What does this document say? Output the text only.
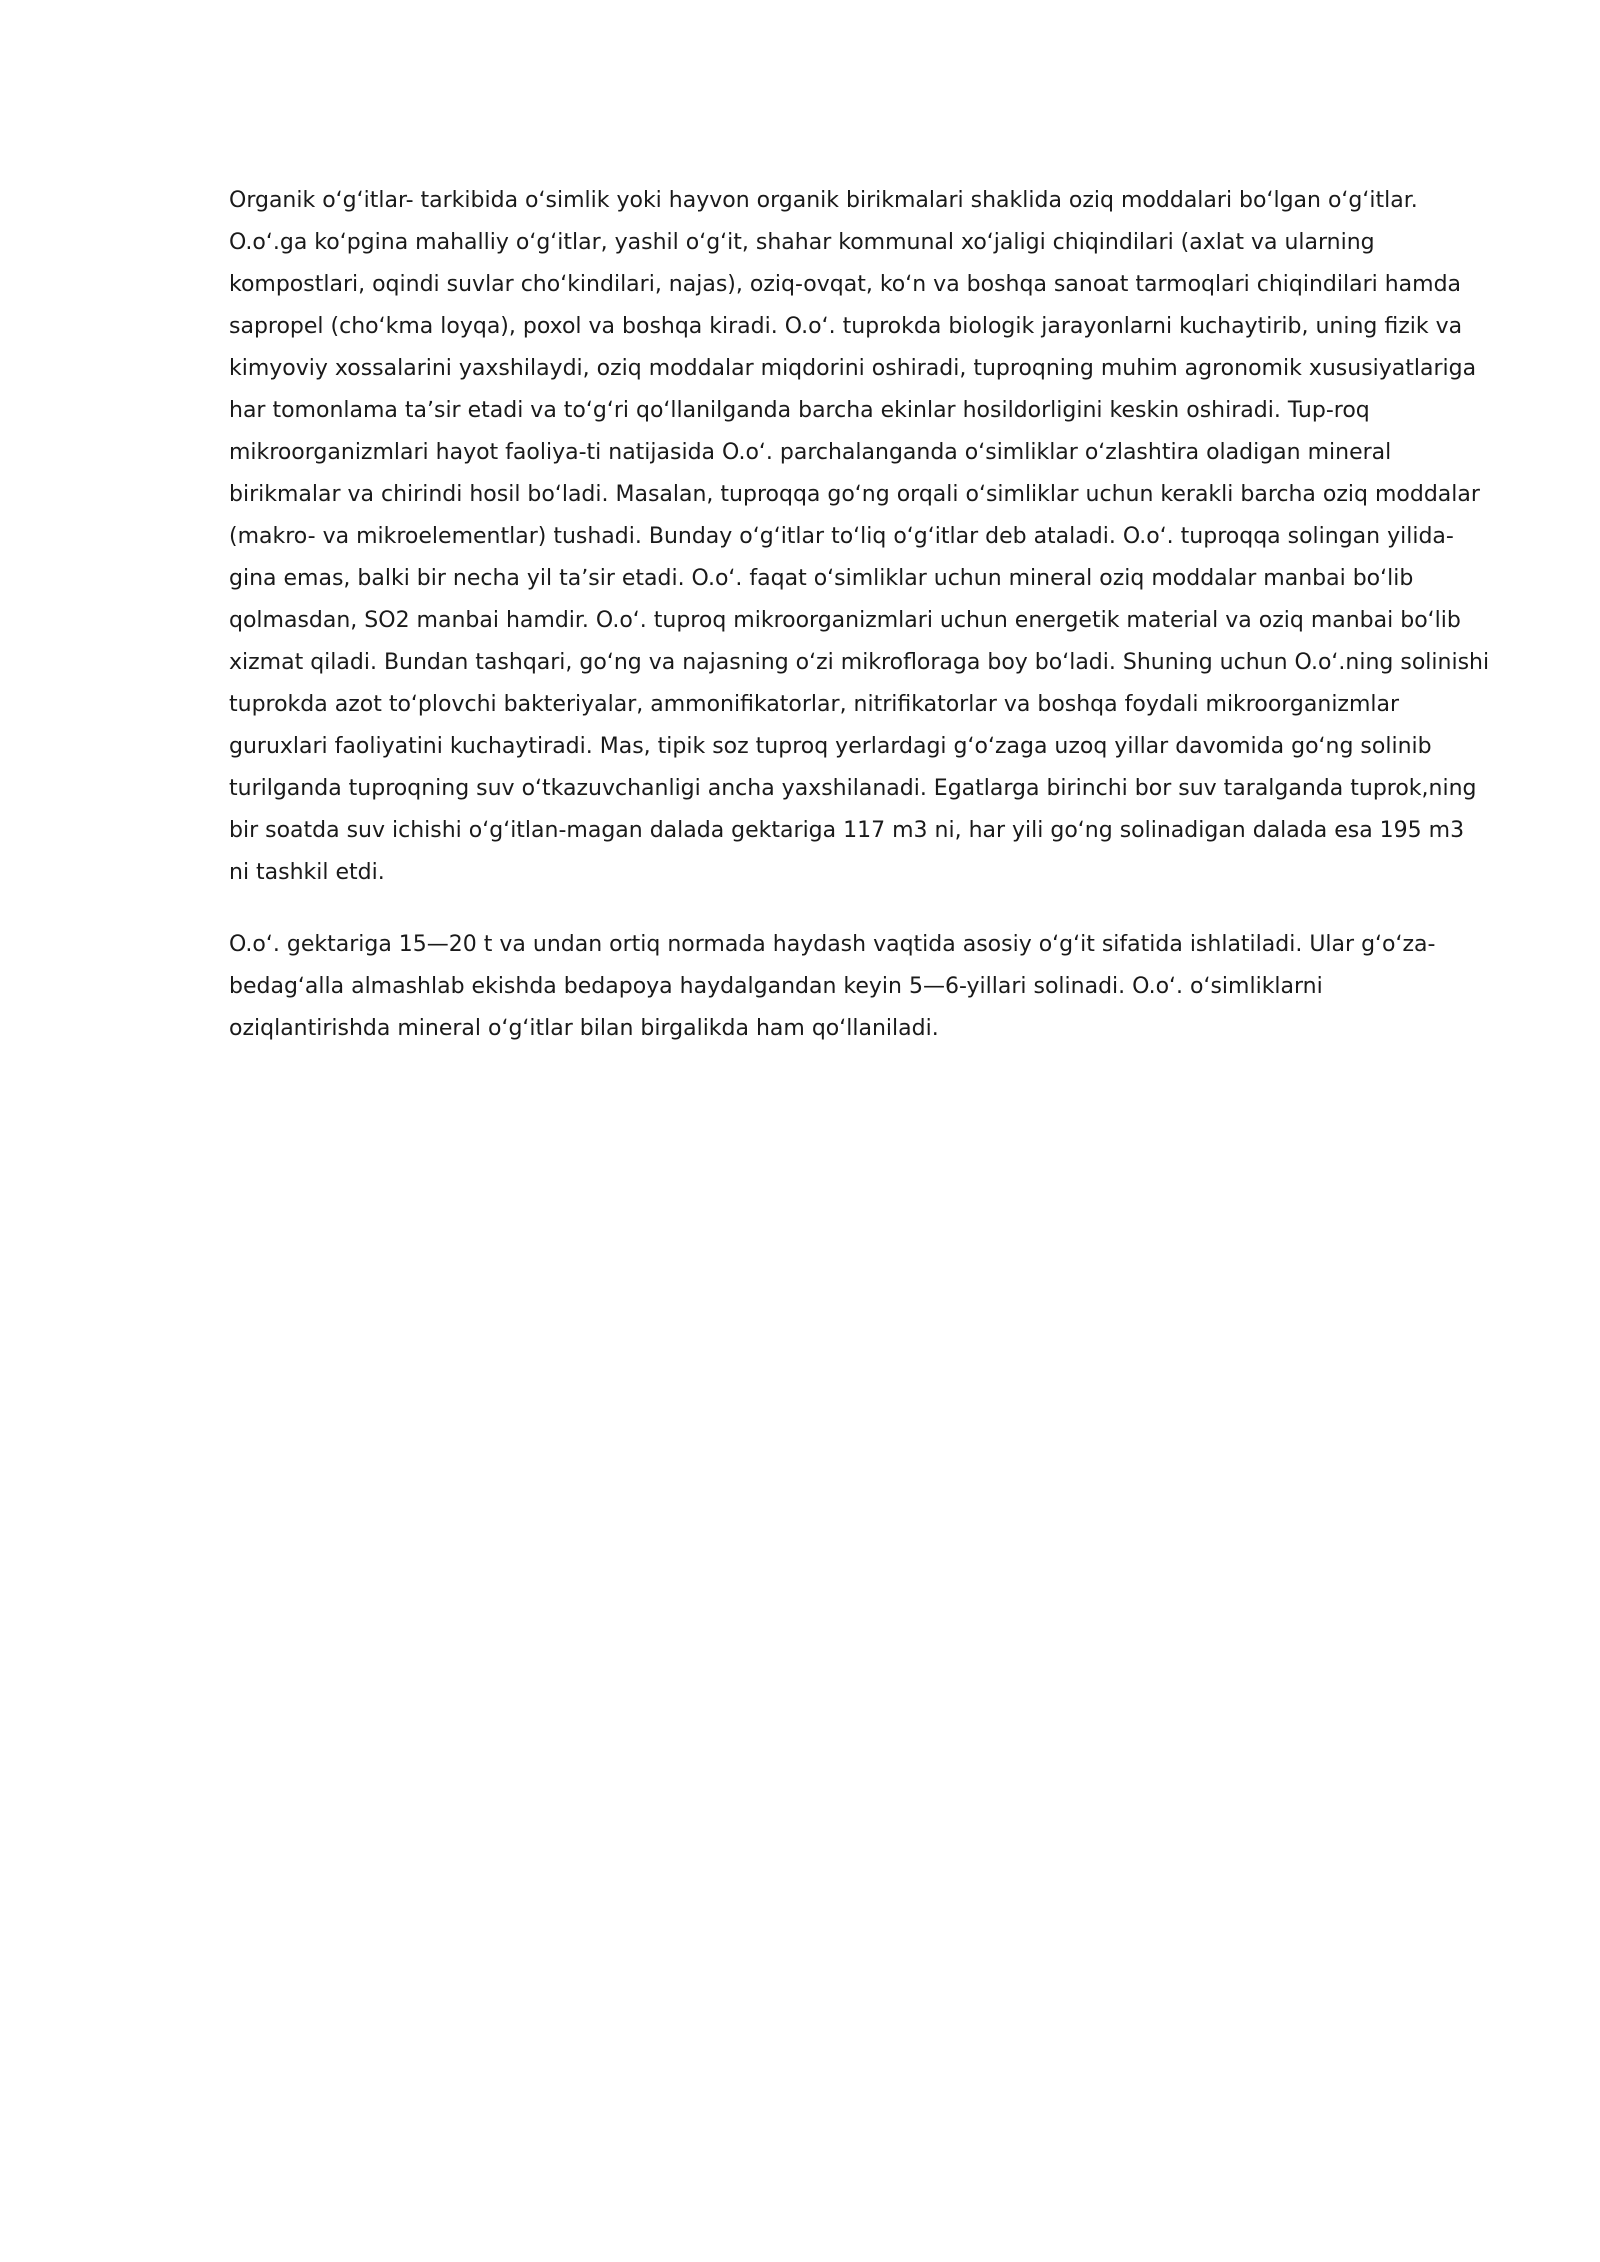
Organik oʻgʻitlar- tarkibida oʻsimlik yoki hayvon organik birikmalari shaklida oziq moddalari boʻlgan oʻgʻitlar. O.oʻ.ga koʻpgina mahalliy oʻgʻitlar, yashil oʻgʻit, shahar kommunal xoʻjaligi chiqindilari (axlat va ularning kompostlari, oqindi suvlar choʻkindilari, najas), oziq-ovqat, koʻn va boshqa sanoat tarmoqlari chiqindilari hamda sapropel (choʻkma loyqa), poxol va boshqa kiradi. O.oʻ. tuprokda biologik jarayonlarni kuchaytirib, uning fizik va kimyoviy xossalarini yaxshilaydi, oziq moddalar miqdorini oshiradi, tuproqning muhim agronomik xususiyatlariga har tomonlama taʼsir etadi va toʻgʻri qoʻllanilganda barcha ekinlar hosildorligini keskin oshiradi. Tup-roq mikroorganizmlari hayot faoliya-ti natijasida O.oʻ. parchalanganda oʻsimliklar oʻzlashtira oladigan mineral birikmalar va chirindi hosil boʻladi. Masalan, tuproqqa goʻng orqali oʻsimliklar uchun kerakli barcha oziq moddalar (makro- va mikroelementlar) tushadi. Bunday oʻgʻitlar toʻliq oʻgʻitlar deb ataladi. O.oʻ. tuproqqa solingan yilida-gina emas, balki bir necha yil taʼsir etadi. O.oʻ. faqat oʻsimliklar uchun mineral oziq moddalar manbai boʻlib qolmasdan, SO2 manbai hamdir. O.oʻ. tuproq mikroorganizmlari uchun energetik material va oziq manbai boʻlib xizmat qiladi. Bundan tashqari, goʻng va najasning oʻzi mikrofloraga boy boʻladi. Shuning uchun O.oʻ.ning solinishi tuprokda azot toʻplovchi bakteriyalar, ammonifikatorlar, nitrifikatorlar va boshqa foydali mikroorganizmlar guruxlari faoliyatini kuchaytiradi. Mas, tipik soz tuproq yerlardagi gʻoʻzaga uzoq yillar davomida goʻng solinib turilganda tuproqning suv oʻtkazuvchanligi ancha yaxshilanadi. Egatlarga birinchi bor suv taralganda tuprok,ning bir soatda suv ichishi oʻgʻitlan-magan dalada gektariga 117 m3 ni, har yili goʻng solinadigan dalada esa 195 m3 ni tashkil etdi.

O.oʻ. gektariga 15—20 t va undan ortiq normada haydash vaqtida asosiy oʻgʻit sifatida ishlatiladi. Ular gʻoʻza-bedagʻalla almashlab ekishda bedapoya haydalgandan keyin 5—6-yillari solinadi. O.oʻ. oʻsimliklarni oziqlantirishda mineral oʻgʻitlar bilan birgalikda ham qoʻllaniladi.
